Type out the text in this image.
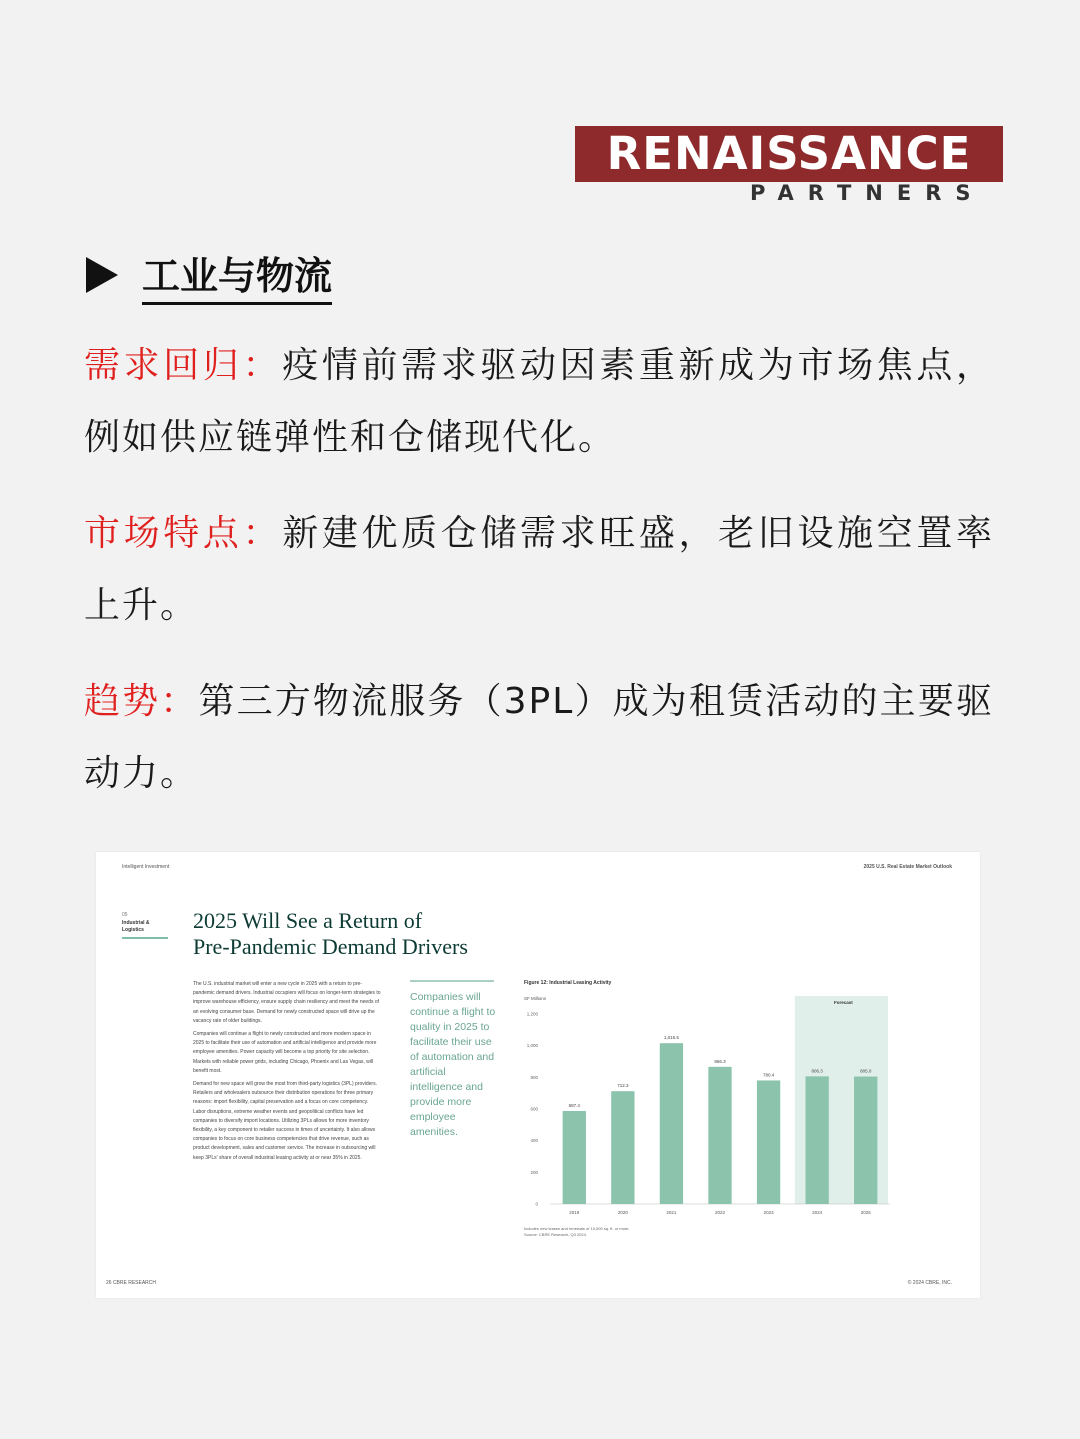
RENAISSANCE
PARTNERS
工业与物流
需求回归：疫情前需求驱动因素重新成为市场焦点，例如供应链弹性和仓储现代化。
市场特点：新建优质仓储需求旺盛，老旧设施空置率上升。
趋势：第三方物流服务（3PL）成为租赁活动的主要驱动力。
Intelligent Investment	2025 U.S. Real Estate Market Outlook
05
Industrial & Logistics	2025 Will See a Return of
Pre-Pandemic Demand Drivers

The U.S. industrial market will enter a new cycle in 2025 with a return to pre-pandemic demand drivers. Industrial occupiers will focus on longer-term strategies to improve warehouse efficiency, ensure supply chain resiliency and meet the needs of an evolving consumer base. Demand for newly constructed space will drive up the vacancy rate of older buildings.

Companies will continue a flight to newly constructed and more modern space in 2025 to facilitate their use of automation and artificial intelligence and provide more employee amenities. Power capacity will become a top priority for site selection. Markets with reliable power grids, including Chicago, Phoenix and Las Vegas, will benefit most.

Demand for new space will grow the most from third-party logistics (3PL) providers. Retailers and wholesalers outsource their distribution operations for three primary reasons: import flexibility, capital preservation and a focus on core competency. Labor disruptions, extreme weather events and geopolitical conflicts have led companies to diversify import locations. Utilizing 3PLs allows for more inventory flexibility, a key component to retailer success in times of uncertainty. It also allows companies to focus on core business competencies that drive revenue, such as product development, sales and customer service. The increase in outsourcing will keep 3PLs' share of overall industrial leasing activity at or near 35% in 2025.

Companies will continue a flight to quality in 2025 to facilitate their use of automation and artificial intelligence and provide more employee amenities.
Figure 12: Industrial Leasing Activity
SF Millions
Forecast
0
200
400
600
800
1,000
1,200
587.4
2019
712.3
2020
1,015.5
2021
866.3
2022
780.4
2023
806.3
2024
805.0
2025
Includes new leases and renewals of 10,000 sq. ft. or more.
Source: CBRE Research, Q3 2024.
26 CBRE RESEARCH	© 2024 CBRE, INC.
